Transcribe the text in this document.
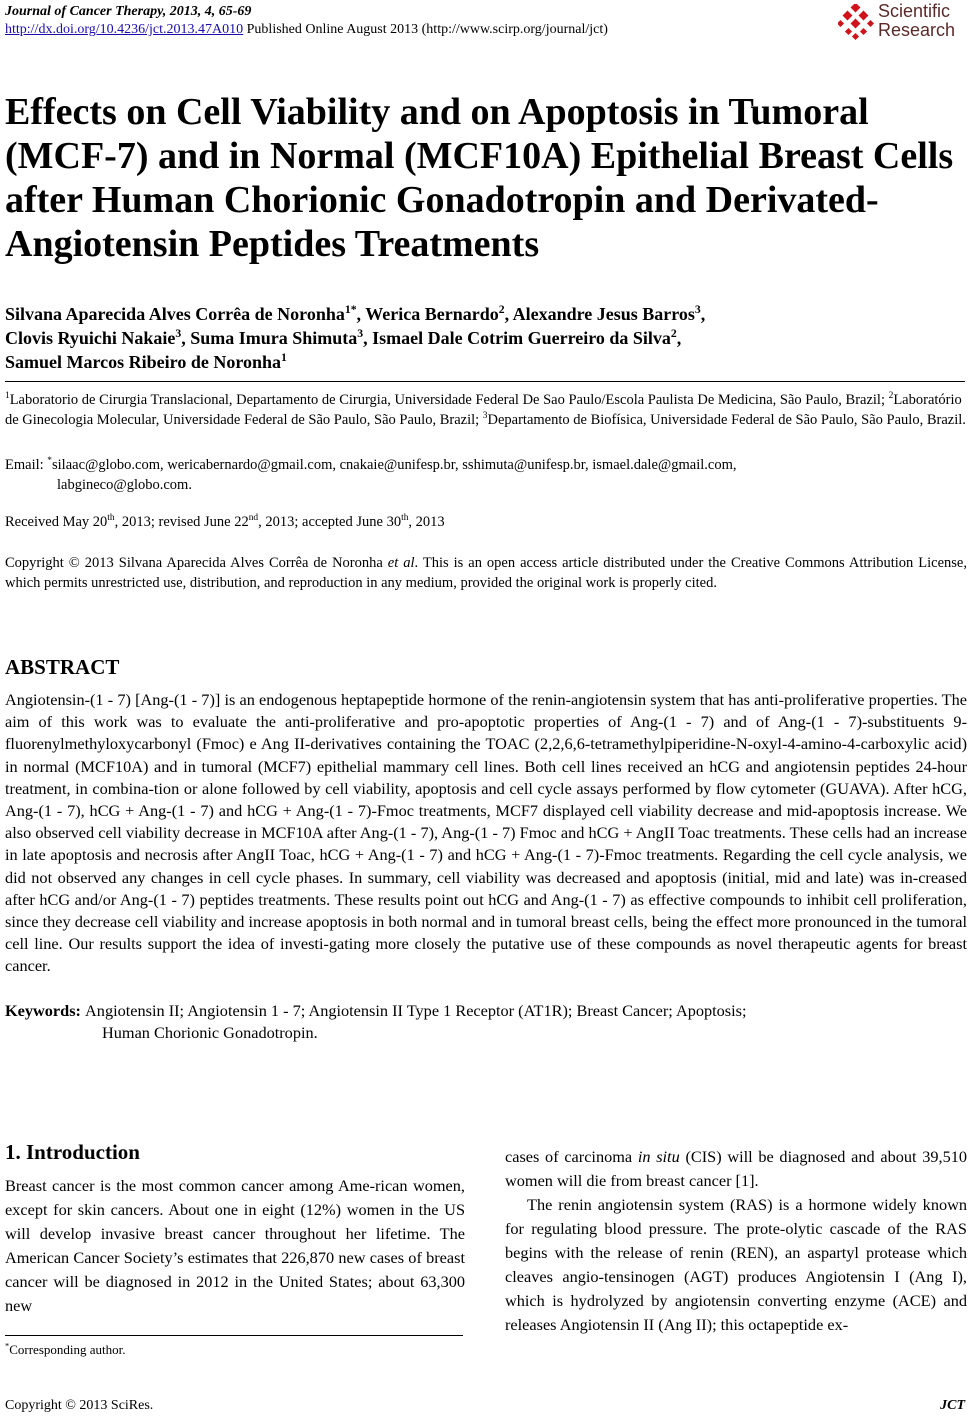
Journal of Cancer Therapy, 2013, 4, 65-69
http://dx.doi.org/10.4236/jct.2013.47A010 Published Online August 2013 (http://www.scirp.org/journal/jct)
Scientific
Research
Effects on Cell Viability and on Apoptosis in Tumoral (MCF-7) and in Normal (MCF10A) Epithelial Breast Cells after Human Chorionic Gonadotropin and Derivated-Angiotensin Peptides Treatments
Silvana Aparecida Alves Corrêa de Noronha$^{1*}$, Werica Bernardo$^2$, Alexandre Jesus Barros$^3$,
Clovis Ryuichi Nakaie$^3$, Suma Imura Shimuta$^3$, Ismael Dale Cotrim Guerreiro da Silva$^2$,
Samuel Marcos Ribeiro de Noronha$^1$
$^1$Laboratorio de Cirurgia Translacional, Departamento de Cirurgia, Universidade Federal De Sao Paulo/Escola Paulista De Medicina, São Paulo, Brazil; $^2$Laboratório de Ginecologia Molecular, Universidade Federal de São Paulo, São Paulo, Brazil; $^3$Departamento de Biofísica, Universidade Federal de São Paulo, São Paulo, Brazil.
Email: *silaac@globo.com, wericabernardo@gmail.com, cnakaie@unifesp.br, sshimuta@unifesp.br, ismael.dale@gmail.com,
labgineco@globo.com.
Received May 20th, 2013; revised June 22nd, 2013; accepted June 30th, 2013
Copyright © 2013 Silvana Aparecida Alves Corrêa de Noronha et al. This is an open access article distributed under the Creative Commons Attribution License, which permits unrestricted use, distribution, and reproduction in any medium, provided the original work is properly cited.
ABSTRACT
Angiotensin-(1 - 7) [Ang-(1 - 7)] is an endogenous heptapeptide hormone of the renin-angiotensin system that has anti-proliferative properties. The aim of this work was to evaluate the anti-proliferative and pro-apoptotic properties of Ang-(1 - 7) and of Ang-(1 - 7)-substituents 9-fluorenylmethyloxycarbonyl (Fmoc) e Ang II-derivatives containing the TOAC (2,2,6,6-tetramethylpiperidine-N-oxyl-4-amino-4-carboxylic acid) in normal (MCF10A) and in tumoral (MCF7) epithelial mammary cell lines. Both cell lines received an hCG and angiotensin peptides 24-hour treatment, in combina-tion or alone followed by cell viability, apoptosis and cell cycle assays performed by flow cytometer (GUAVA). After hCG, Ang-(1 - 7), hCG + Ang-(1 - 7) and hCG + Ang-(1 - 7)-Fmoc treatments, MCF7 displayed cell viability decrease and mid-apoptosis increase. We also observed cell viability decrease in MCF10A after Ang-(1 - 7), Ang-(1 - 7) Fmoc and hCG + AngII Toac treatments. These cells had an increase in late apoptosis and necrosis after AngII Toac, hCG + Ang-(1 - 7) and hCG + Ang-(1 - 7)-Fmoc treatments. Regarding the cell cycle analysis, we did not observed any changes in cell cycle phases. In summary, cell viability was decreased and apoptosis (initial, mid and late) was in-creased after hCG and/or Ang-(1 - 7) peptides treatments. These results point out hCG and Ang-(1 - 7) as effective compounds to inhibit cell proliferation, since they decrease cell viability and increase apoptosis in both normal and in tumoral breast cells, being the effect more pronounced in the tumoral cell line. Our results support the idea of investi-gating more closely the putative use of these compounds as novel therapeutic agents for breast cancer.
Keywords: Angiotensin II; Angiotensin 1 - 7; Angiotensin II Type 1 Receptor (AT1R); Breast Cancer; Apoptosis;
Human Chorionic Gonadotropin.
1. Introduction

Breast cancer is the most common cancer among Ame-rican women, except for skin cancers. About one in eight (12%) women in the US will develop invasive breast cancer throughout her lifetime. The American Cancer Society’s estimates that 226,870 new cases of breast cancer will be diagnosed in 2012 in the United States; about 63,300 new

cases of carcinoma in situ (CIS) will be diagnosed and about 39,510 women will die from breast cancer [1].

The renin angiotensin system (RAS) is a hormone widely known for regulating blood pressure. The prote-olytic cascade of the RAS begins with the release of renin (REN), an aspartyl protease which cleaves angio-tensinogen (AGT) produces Angiotensin I (Ang I), which is hydrolyzed by angiotensin converting enzyme (ACE) and releases Angiotensin II (Ang II); this octapeptide ex-

*Corresponding author.
Copyright © 2013 SciRes.	JCT
